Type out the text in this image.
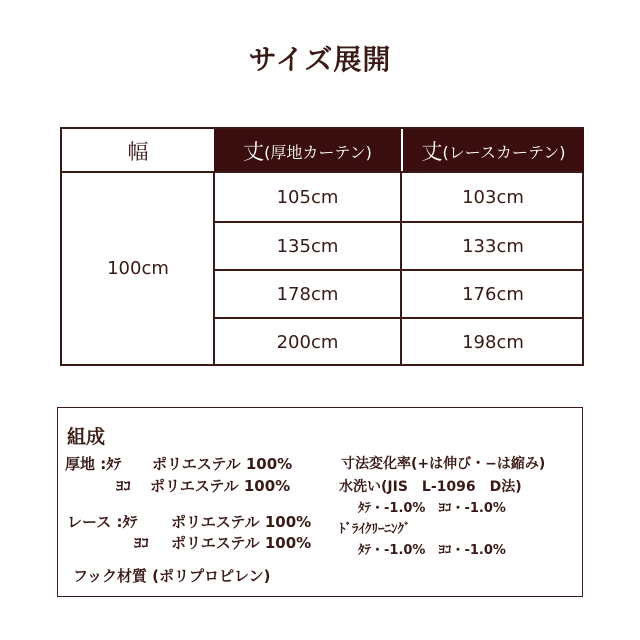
サイズ展開
幅	丈 (厚地カーテン) 丈 (レースカーテン)
100cm
105cm	103cm
135cm	133cm
178cm	176cm
200cm	198cm
組成
厚地 :ﾀﾃ ポリエステル 100%
ﾖｺ ポリエステル 100%
レース :ﾀﾃ ポリエステル 100%
ﾖｺ ポリエステル 100%
フック材質 (ポリプロピレン)
寸法変化率(+は伸び・−は縮み)
水洗い(JIS　L-1096　D法)
ﾀﾃ・-1.0%　ﾖｺ・-1.0%
ﾄﾞﾗｲｸﾘｰﾆﾝｸﾞ
ﾀﾃ・-1.0%　ﾖｺ・-1.0%
